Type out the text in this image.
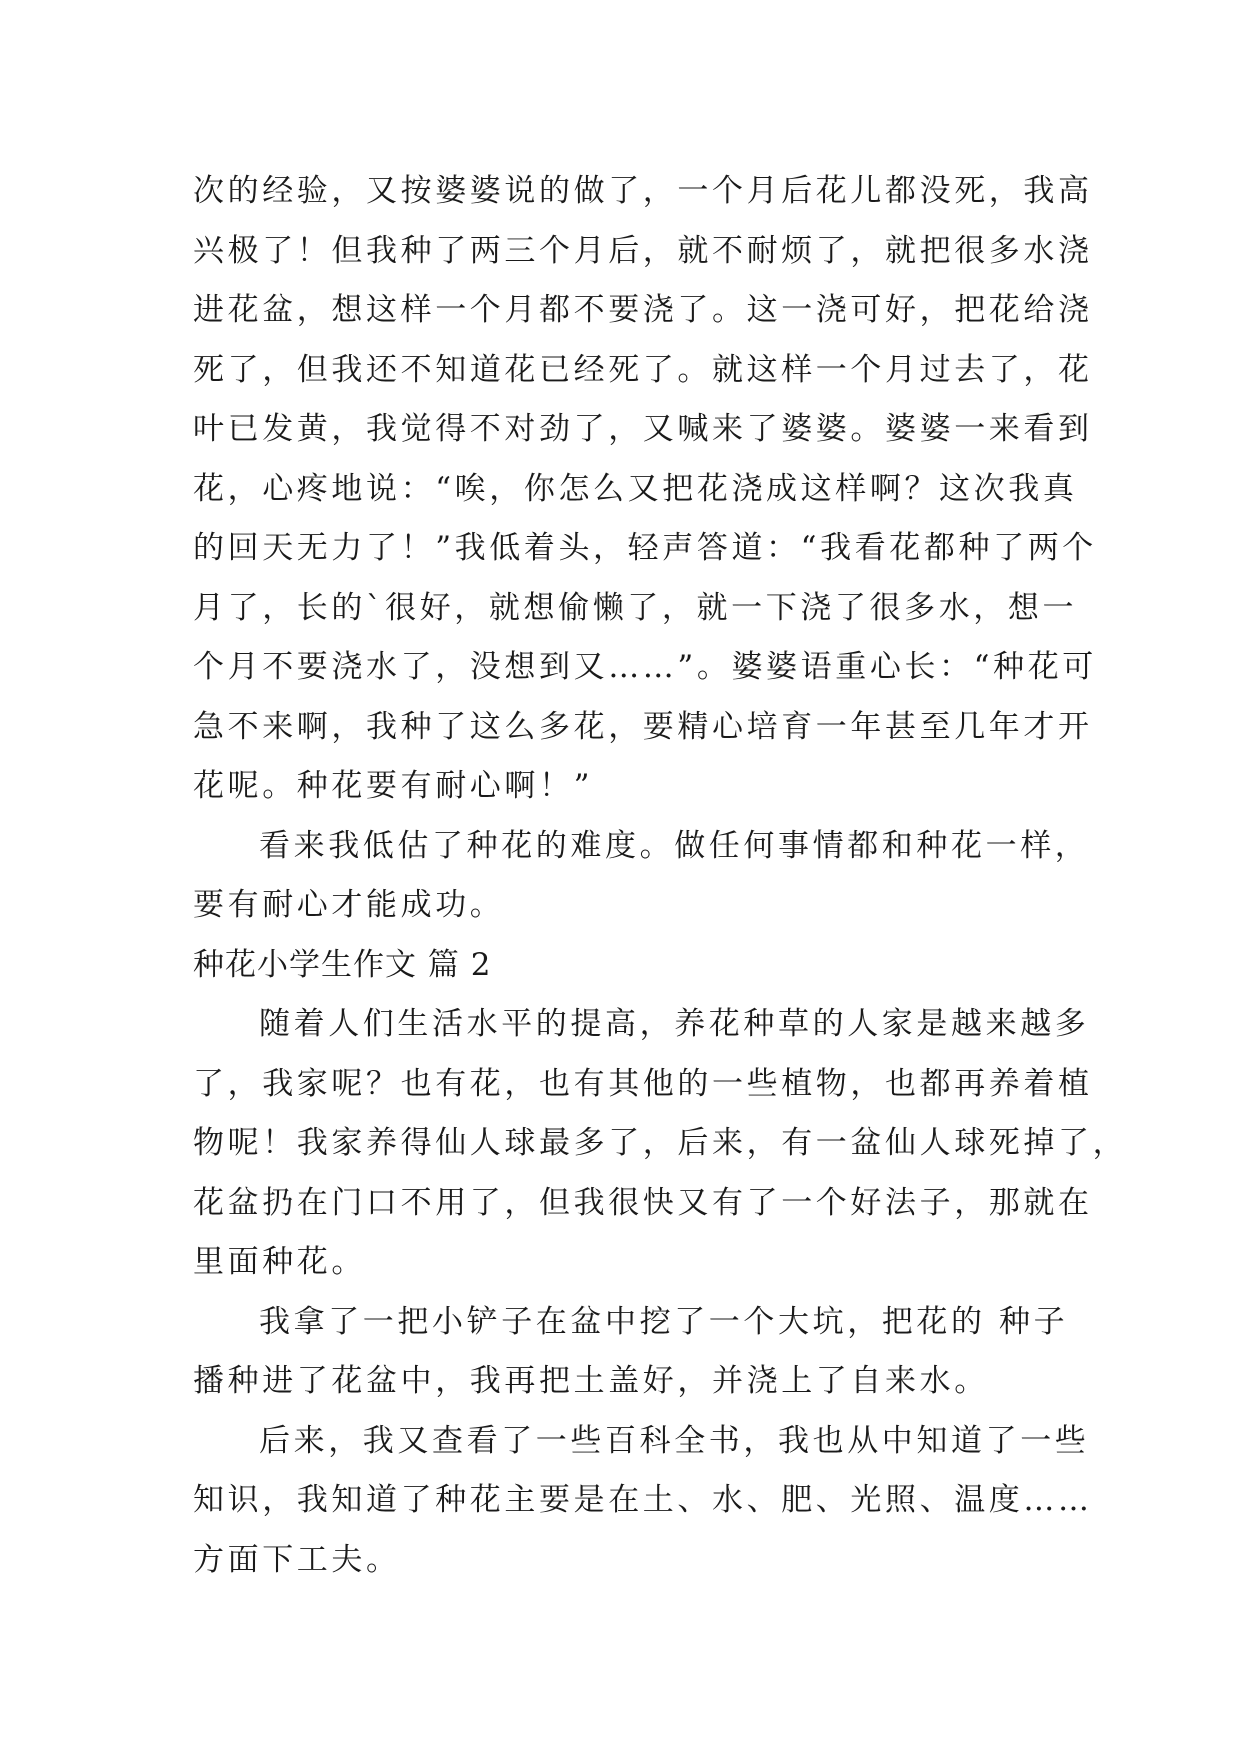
次的经验，又按婆婆说的做了，一个月后花儿都没死，我高
兴极了！但我种了两三个月后，就不耐烦了，就把很多水浇
进花盆，想这样一个月都不要浇了。这一浇可好，把花给浇
死了，但我还不知道花已经死了。就这样一个月过去了，花
叶已发黄，我觉得不对劲了，又喊来了婆婆。婆婆一来看到
花，心疼地说：“唉，你怎么又把花浇成这样啊？这次我真
的回天无力了！”我低着头，轻声答道：“我看花都种了两个
月了，长的`很好，就想偷懒了，就一下浇了很多水，想一
个月不要浇水了，没想到又……”。婆婆语重心长：“种花可
急不来啊，我种了这么多花，要精心培育一年甚至几年才开
花呢。种花要有耐心啊！”
看来我低估了种花的难度。做任何事情都和种花一样，
要有耐心才能成功。
种花小学生作文 篇 2
随着人们生活水平的提高，养花种草的人家是越来越多
了，我家呢？也有花，也有其他的一些植物，也都再养着植
物呢！我家养得仙人球最多了，后来，有一盆仙人球死掉了，
花盆扔在门口不用了，但我很快又有了一个好法子，那就在
里面种花。
我拿了一把小铲子在盆中挖了一个大坑，把花的 种子
播种进了花盆中，我再把土盖好，并浇上了自来水。
后来，我又查看了一些百科全书，我也从中知道了一些
知识，我知道了种花主要是在土、水、肥、光照、温度……
方面下工夫。
